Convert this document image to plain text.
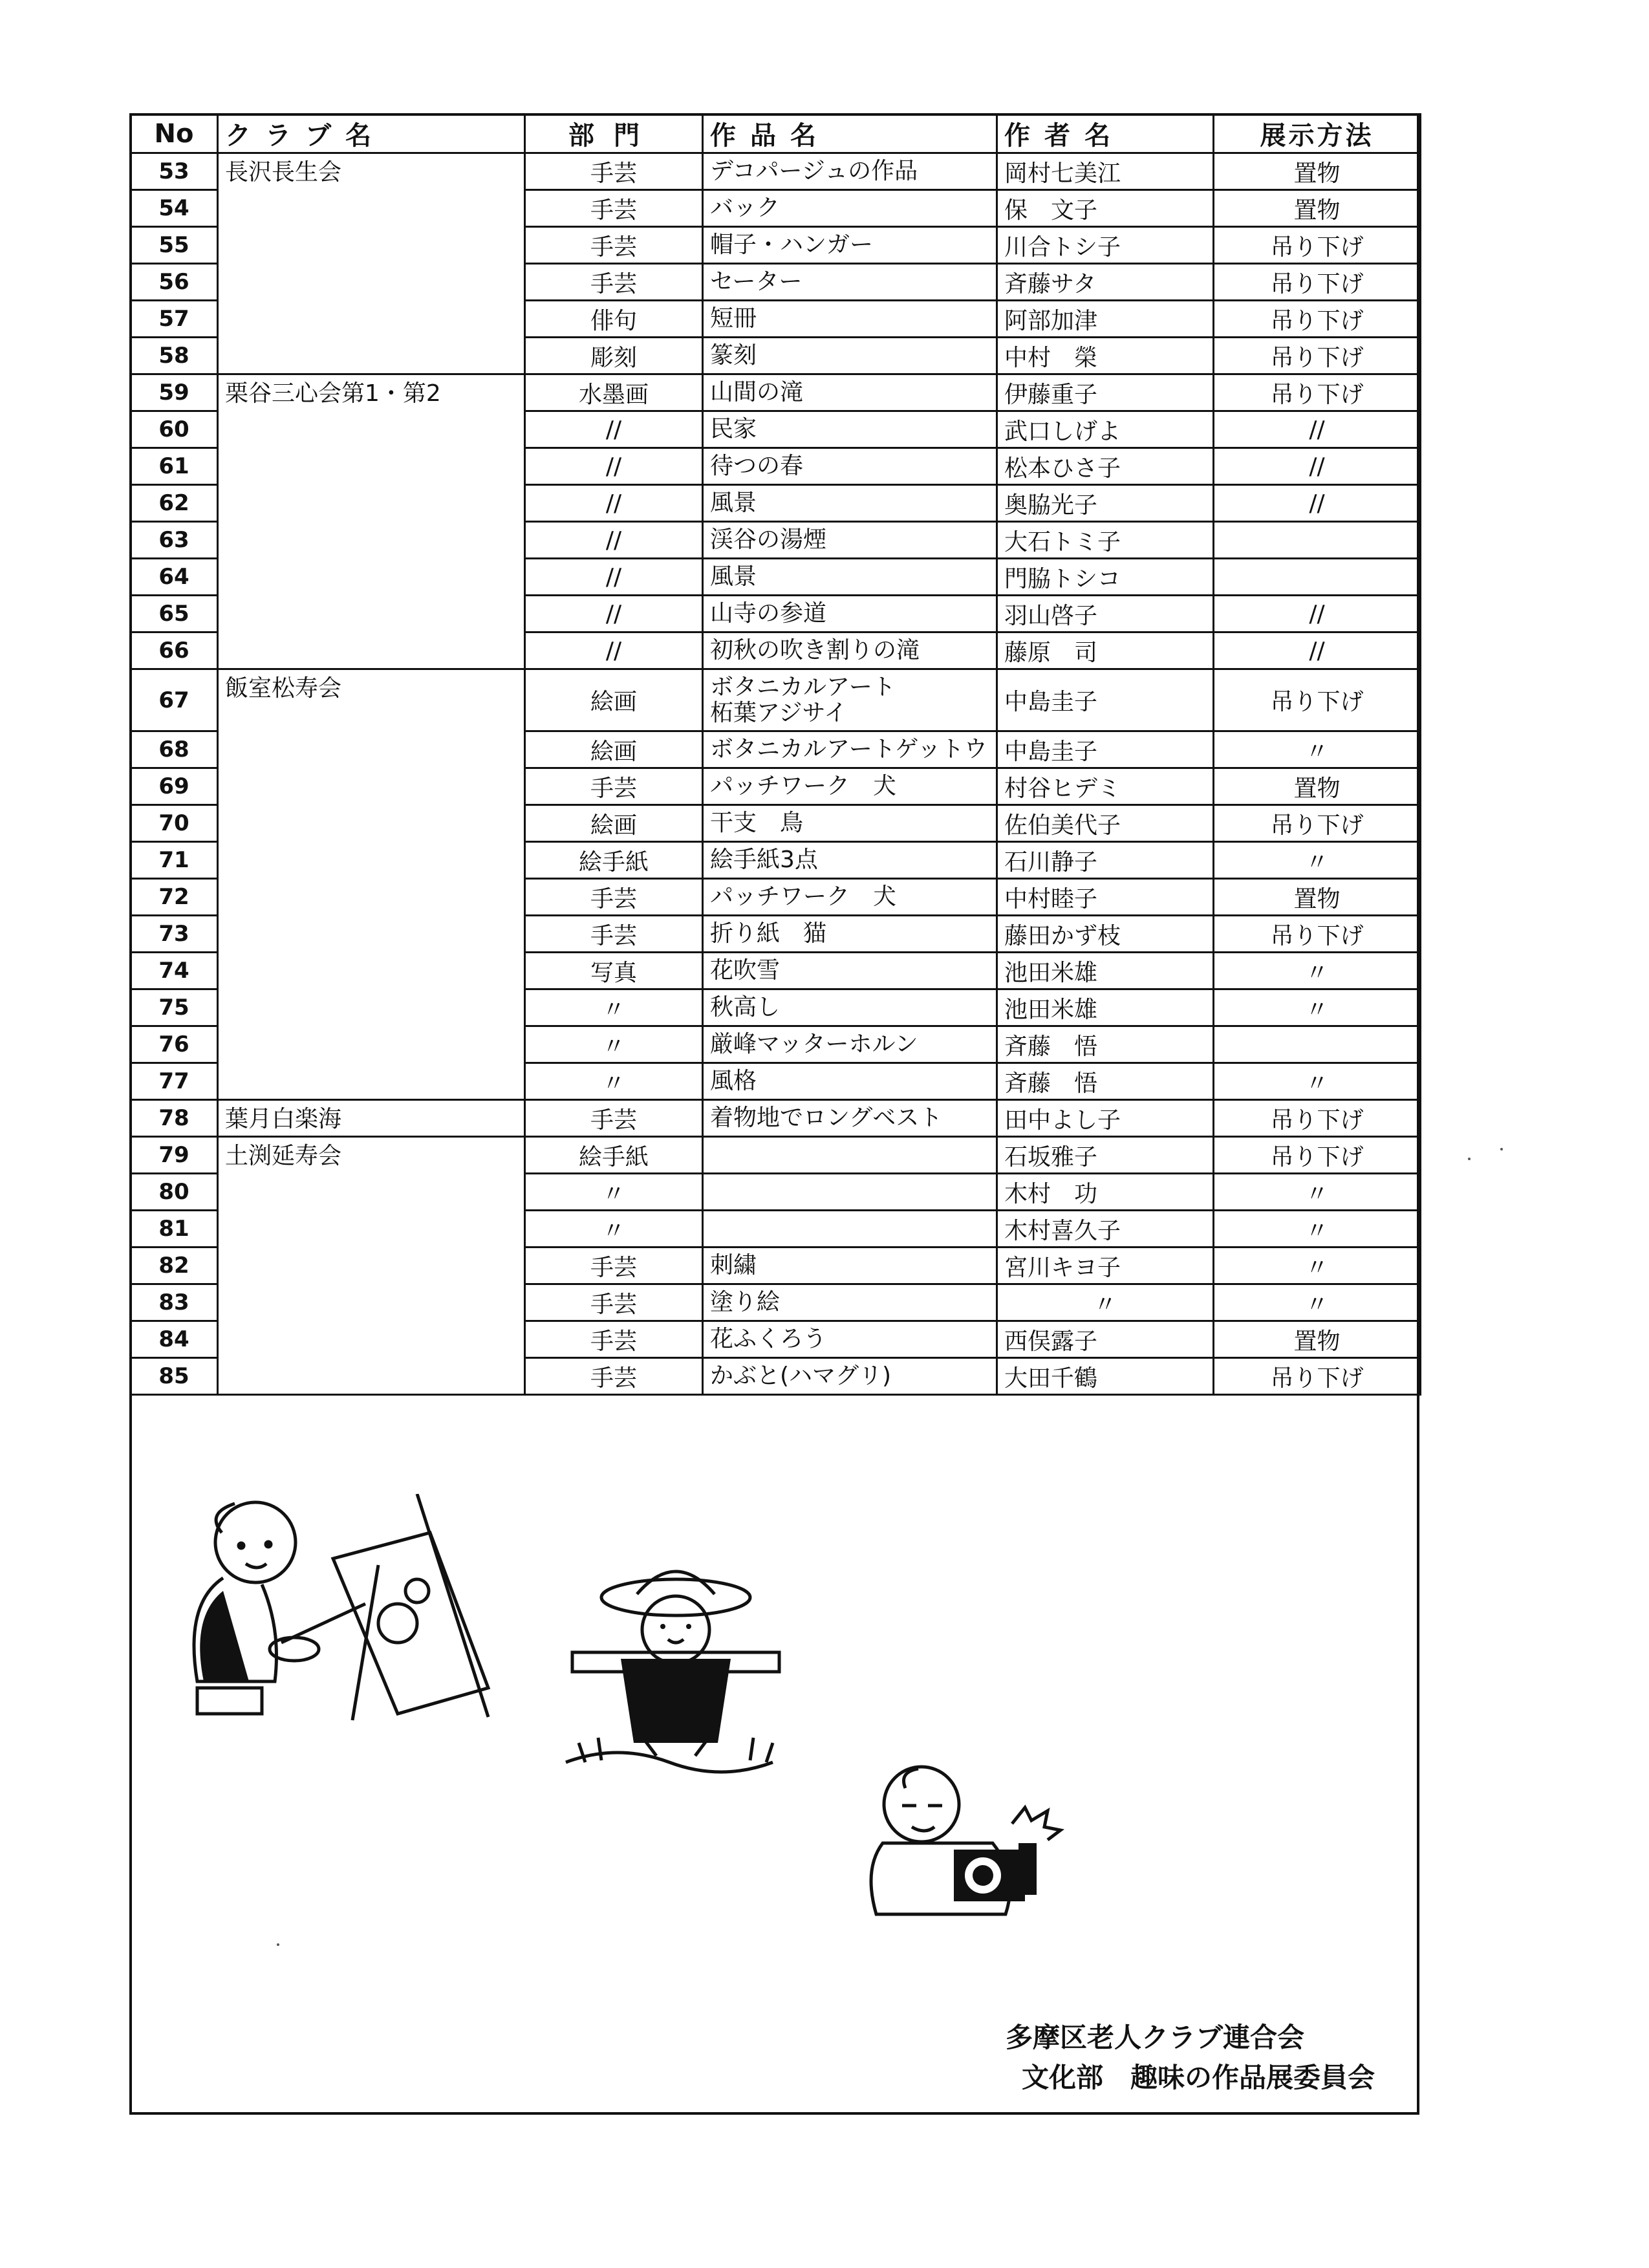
No	クラブ名	部門	作品名	作者名	展示方法
53	長沢長生会	手芸	デコパージュの作品	岡村七美江	置物
54		手芸	バック	保　文子	置物
55		手芸	帽子・ハンガー	川合トシ子	吊り下げ
56		手芸	セーター	斉藤サタ	吊り下げ
57		俳句	短冊	阿部加津	吊り下げ
58		彫刻	篆刻	中村　榮	吊り下げ
59	栗谷三心会第1・第2	水墨画	山間の滝	伊藤重子	吊り下げ
60		//	民家	武口しげよ	//
61		//	待つの春	松本ひさ子	//
62		//	風景	奥脇光子	//
63		//	渓谷の湯煙	大石トミ子	
64		//	風景	門脇トシコ	
65		//	山寺の参道	羽山啓子	//
66		//	初秋の吹き割りの滝	藤原　司	//
67	飯室松寿会	絵画	ボタニカルアート
柘葉アジサイ	中島圭子	吊り下げ
68		絵画	ボタニカルアートゲットウ	中島圭子	〃
69		手芸	パッチワーク　犬	村谷ヒデミ	置物
70		絵画	干支　鳥	佐伯美代子	吊り下げ
71		絵手紙	絵手紙3点	石川静子	〃
72		手芸	パッチワーク　犬	中村睦子	置物
73		手芸	折り紙　猫	藤田かず枝	吊り下げ
74		写真	花吹雪	池田米雄	〃
75		〃	秋高し	池田米雄	〃
76		〃	厳峰マッターホルン	斉藤　悟	
77		〃	風格	斉藤　悟	〃
78	葉月白楽海	手芸	着物地でロングベスト	田中よし子	吊り下げ
79	土渕延寿会	絵手紙		石坂雅子	吊り下げ
80		〃		木村　功	〃
81		〃		木村喜久子	〃
82		手芸	刺繍	宮川キヨ子	〃
83		手芸	塗り絵	〃	〃
84		手芸	花ふくろう	西俣露子	置物
85		手芸	かぶと(ハマグリ)	大田千鶴	吊り下げ
多摩区老人クラブ連合会
文化部　趣味の作品展委員会
